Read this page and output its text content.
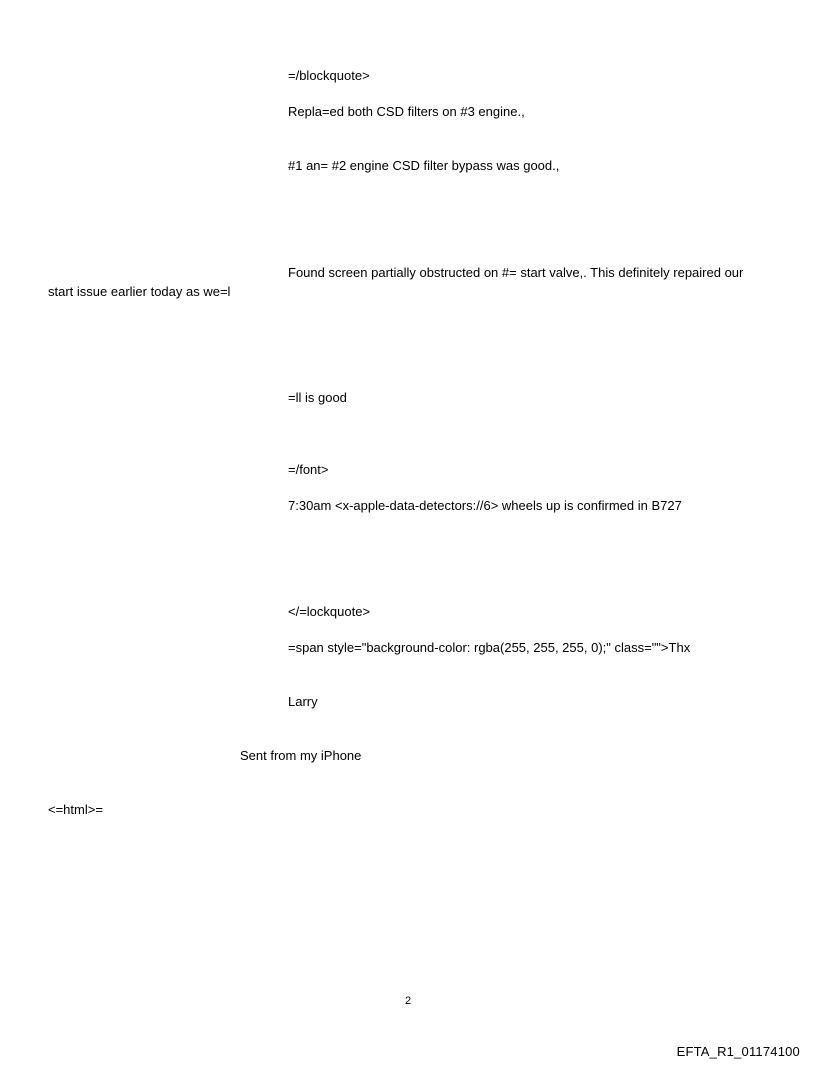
=/blockquote>
Repla=ed both CSD filters on #3 engine.,
#1 an= #2 engine CSD filter bypass was good.,
Found screen partially obstructed on #= start valve,. This definitely repaired our
start issue earlier today as we=l
=ll is good
=/font>
7:30am <x-apple-data-detectors://6> wheels up is confirmed in B727
</=lockquote>
=span style="background-color: rgba(255, 255, 255, 0);" class="">Thx
Larry
Sent from my iPhone
<=html>=
2
EFTA_R1_01174100
